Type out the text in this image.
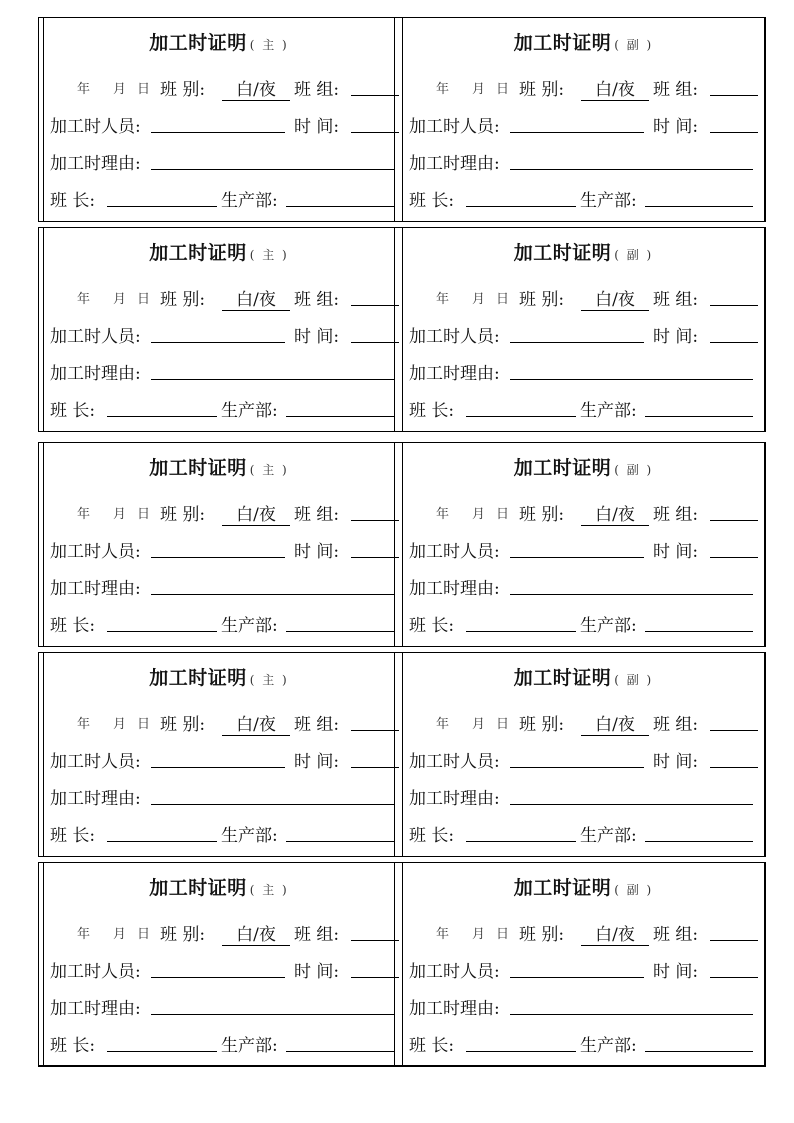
加工时证明 ( 主 )
年 月 日 班 别:	白/夜	班 组:
加工时人员:	时 间:
加工时理由:
班 长:	生产部:
加工时证明 ( 副 )
年 月 日 班 别:	白/夜	班 组:
加工时人员:	时 间:
加工时理由:
班 长:	生产部:
加工时证明 ( 主 )
年 月 日 班 别:	白/夜	班 组:
加工时人员:	时 间:
加工时理由:
班 长:	生产部:
加工时证明 ( 副 )
年 月 日 班 别:	白/夜	班 组:
加工时人员:	时 间:
加工时理由:
班 长:	生产部:
加工时证明 ( 主 )
年 月 日 班 别:	白/夜	班 组:
加工时人员:	时 间:
加工时理由:
班 长:	生产部:
加工时证明 ( 副 )
年 月 日 班 别:	白/夜	班 组:
加工时人员:	时 间:
加工时理由:
班 长:	生产部:
加工时证明 ( 主 )
年 月 日 班 别:	白/夜	班 组:
加工时人员:	时 间:
加工时理由:
班 长:	生产部:
加工时证明 ( 副 )
年 月 日 班 别:	白/夜	班 组:
加工时人员:	时 间:
加工时理由:
班 长:	生产部:
加工时证明 ( 主 )
年 月 日 班 别:	白/夜	班 组:
加工时人员:	时 间:
加工时理由:
班 长:	生产部:
加工时证明 ( 副 )
年 月 日 班 别:	白/夜	班 组:
加工时人员:	时 间:
加工时理由:
班 长:	生产部:
